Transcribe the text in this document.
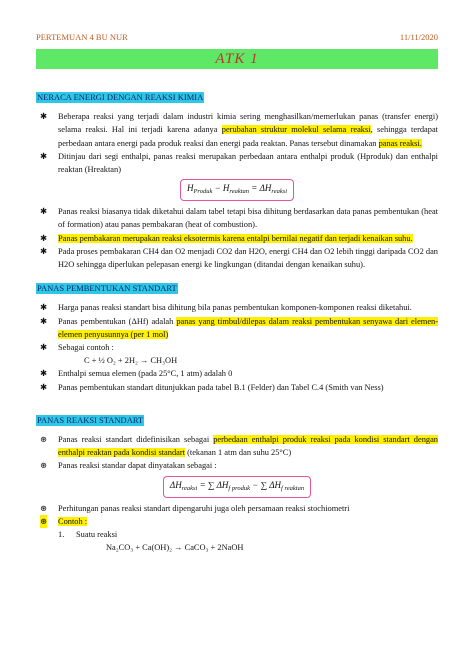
PERTEMUAN 4 BU NUR	11/11/2020
ATK 1
NERACA ENERGI DENGAN REAKSI KIMIA
✱ Beberapa reaksi yang terjadi dalam industri kimia sering menghasilkan/memerlukan panas (transfer energi) selama reaksi. Hal ini terjadi karena adanya perubahan struktur molekul selama reaksi, sehingga terdapat perbedaan antara energi pada produk reaksi dan energi pada reaktan. Panas tersebut dinamakan panas reaksi.
✱ Ditinjau dari segi enthalpi, panas reaksi merupakan perbedaan antara enthalpi produk (Hproduk) dan enthalpi reaktan (Hreaktan)
$H_{Produk} - H_{reaktan} = \Delta H_{reaksi}$
✱ Panas reaksi biasanya tidak diketahui dalam tabel tetapi bisa dihitung berdasarkan data panas pembentukan (heat of formation) atau panas pembakaran (heat of combustion).
✱ Panas pembakaran merupakan reaksi eksotermis karena entalpi bernilai negatif dan terjadi kenaikan suhu.
✱ Pada proses pembakaran CH4 dan O2 menjadi CO2 dan H2O, energi CH4 dan O2 lebih tinggi daripada CO2 dan H2O sehingga diperlukan pelepasan energi ke lingkungan (ditandai dengan kenaikan suhu).
PANAS PEMBENTUKAN STANDART
✱ Harga panas reaksi standart bisa dihitung bila panas pembentukan komponen-komponen reaksi diketahui.
✱ Panas pembentukan (ΔHf) adalah panas yang timbul/dilepas dalam reaksi pembentukan senyawa dari elemen-elemen penyusunnya (per 1 mol)
✱ Sebagai contoh :
C + ½ O₂ + 2H₂ → CH₃OH
✱ Enthalpi semua elemen (pada 25°C, 1 atm) adalah 0
✱ Panas pembentukan standart ditunjukkan pada tabel B.1 (Felder) dan Tabel C.4 (Smith van Ness)
PANAS REAKSI STANDART
⊛ Panas reaksi standart didefinisikan sebagai perbedaan enthalpi produk reaksi pada kondisi standart dengan enthalpi reaktan pada kondisi standart (tekanan 1 atm dan suhu 25°C)
⊛ Panas reaksi standar dapat dinyatakan sebagai :
$\Delta H_{reaksi}$ = ∑ $\Delta H_{f produk}$ − ∑ $\Delta H_{f reaktan}$
⊛ Perhitungan panas reaksi standart dipengaruhi juga oleh persamaan reaksi stochiometri
⊛ Contoh :
1. Suatu reaksi
Na₂CO₃ + Ca(OH)₂ → CaCO₃ + 2NaOH
